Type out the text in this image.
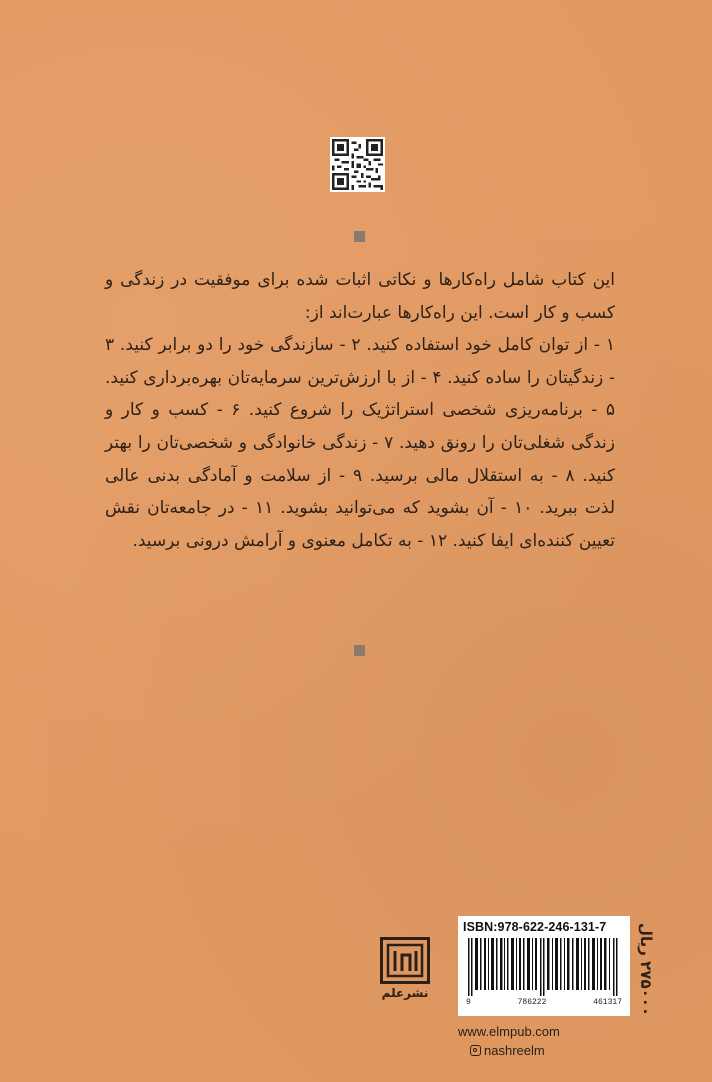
این کتاب شامل راه‌کارها و نکاتی اثبات شده برای موفقیت در زندگی و کسب و کار است. این راه‌کارها عبارت‌اند از:

۱ - از توان کامل خود استفاده کنید. ۲ - سازندگی خود را دو برابر کنید. ۳ - زندگیتان را ساده کنید. ۴ - از با ارزش‌ترین سرمایه‌تان بهره‌برداری کنید. ۵ - برنامه‌ریزی شخصی استراتژیک را شروع کنید. ۶ - کسب و کار و زندگی شغلی‌تان را رونق دهید. ۷ - زندگی خانوادگی و شخصی‌تان را بهتر کنید. ۸ - به استقلال مالی برسید. ۹ - از سلامت و آمادگی بدنی عالی لذت ببرید. ۱۰ - آن بشوید که می‌توانید بشوید. ۱۱ - در جامعه‌تان نقش تعیین کننده‌ای ایفا کنید. ۱۲ - به تکامل معنوی و آرامش درونی برسید.

نشرعلم
ISBN:978-622-246-131-7
9	786222	461317
۲۷۵۰۰۰ ریال
www.elmpub.com
nashreelm
